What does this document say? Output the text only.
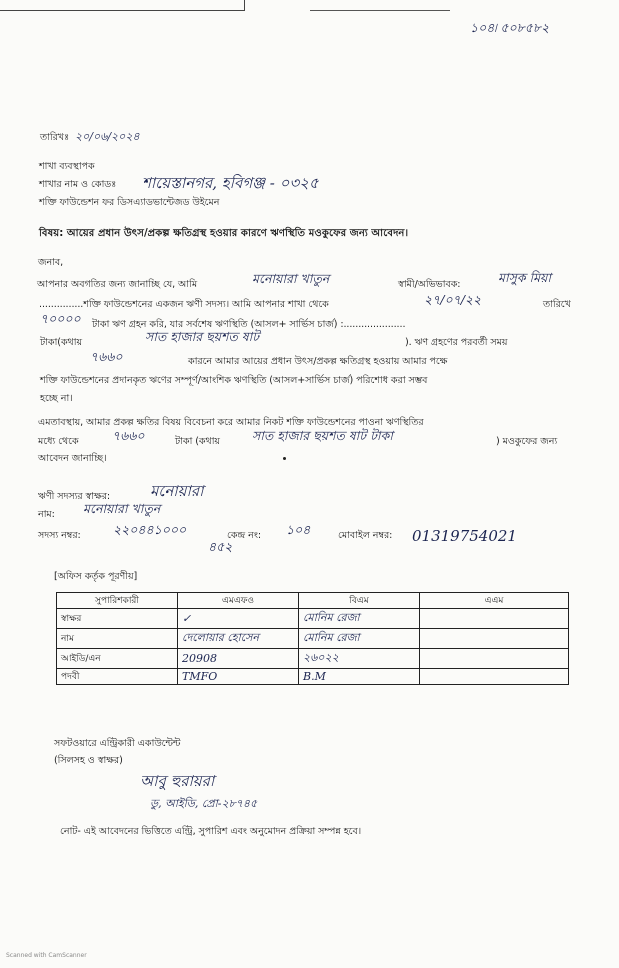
১০৪৷ ৫০৮৫৮২
তারিখঃ ২০/০৬/২০২৪
শাখা ব্যবস্থাপক
শাখার নাম ও কোডঃ শায়েস্তানগর, হবিগঞ্জ - ০৩২৫
শক্তি ফাউন্ডেশন ফর ডিসএ্যাডভান্টেজড উইমেন
বিষয়: আয়ের প্রধান উৎস/প্রকল্প ক্ষতিগ্রস্থ হওয়ার কারণে ঋণস্থিতি মওকুফের জন্য আবেদন।
জনাব,
আপনার অবগতির জন্য জানাচ্ছি যে, আমি	মনোয়ারা খাতুন	স্বামী/অভিভাবক:	মাসুক মিয়া
...............শক্তি ফাউন্ডেশনের একজন ঋণী সদস্য। আমি আপনার শাখা থেকে	২৭/০৭/২২	তারিখে
৭০০০০ টাকা ঋণ গ্রহন করি, যার সর্বশেষ ঋণস্থিতি (আসল+ সার্ভিস চার্জ) :.....................
টাকা(কথায়	সাত হাজার ছয়শত ষাট	). ঋণ গ্রহণের পরবর্তী সময়
৭৬৬০	কারনে আমার আয়ের প্রধান উৎস/প্রকল্প ক্ষতিগ্রস্থ হওয়ায় আমার পক্ষে
শক্তি ফাউন্ডেশনের প্রদানকৃত ঋণের সম্পূর্ণ/আংশিক ঋণস্থিতি (আসল+সার্ভিস চার্জ) পরিশোধ করা সম্ভব
হচ্ছে না।
এমতাবস্থায়, আমার প্রকল্প ক্ষতির বিষয় বিবেচনা করে আমার নিকট শক্তি ফাউন্ডেশনের পাওনা ঋণস্থিতির
মধ্যে থেকে	৭৬৬০	টাকা (কথায়	সাত হাজার ছয়শত ষাট টাকা	) মওকুফের জন্য
আবেদন জানাচ্ছি।
ঋণী সদস্যর স্বাক্ষর:	মনোয়ারা
নাম: মনোয়ারা খাতুন
সদস্য নম্বর:	২২০৪৪১০০০
৪৫২
কেন্দ্র নং: ১০৪	মোবাইল নম্বর: 01319754021
[অফিস কর্তৃক পূরণীয়]
সুপারিশকারী	এমএফও	বিএম	এএম
স্বাক্ষর	✓	মোনিম রেজা	
নাম	দেলোয়ার হোসেন	মোনিম রেজা	
আইডি/এন	20908	২৬০২২	
পদবী	TMFO	B.M	
সফটওয়ারে এন্ট্রিকারী একাউন্টেন্ট
(সিলসহ ও স্বাক্ষর)
আবু হুরায়রা
ডু, আইডি, প্রো-২৮৭৪৫
নোট- এই আবেদনের ভিত্তিতে এন্ট্রি, সুপারিশ এবং অনুমোদন প্রক্রিয়া সম্পন্ন হবে।
Scanned with CamScanner
